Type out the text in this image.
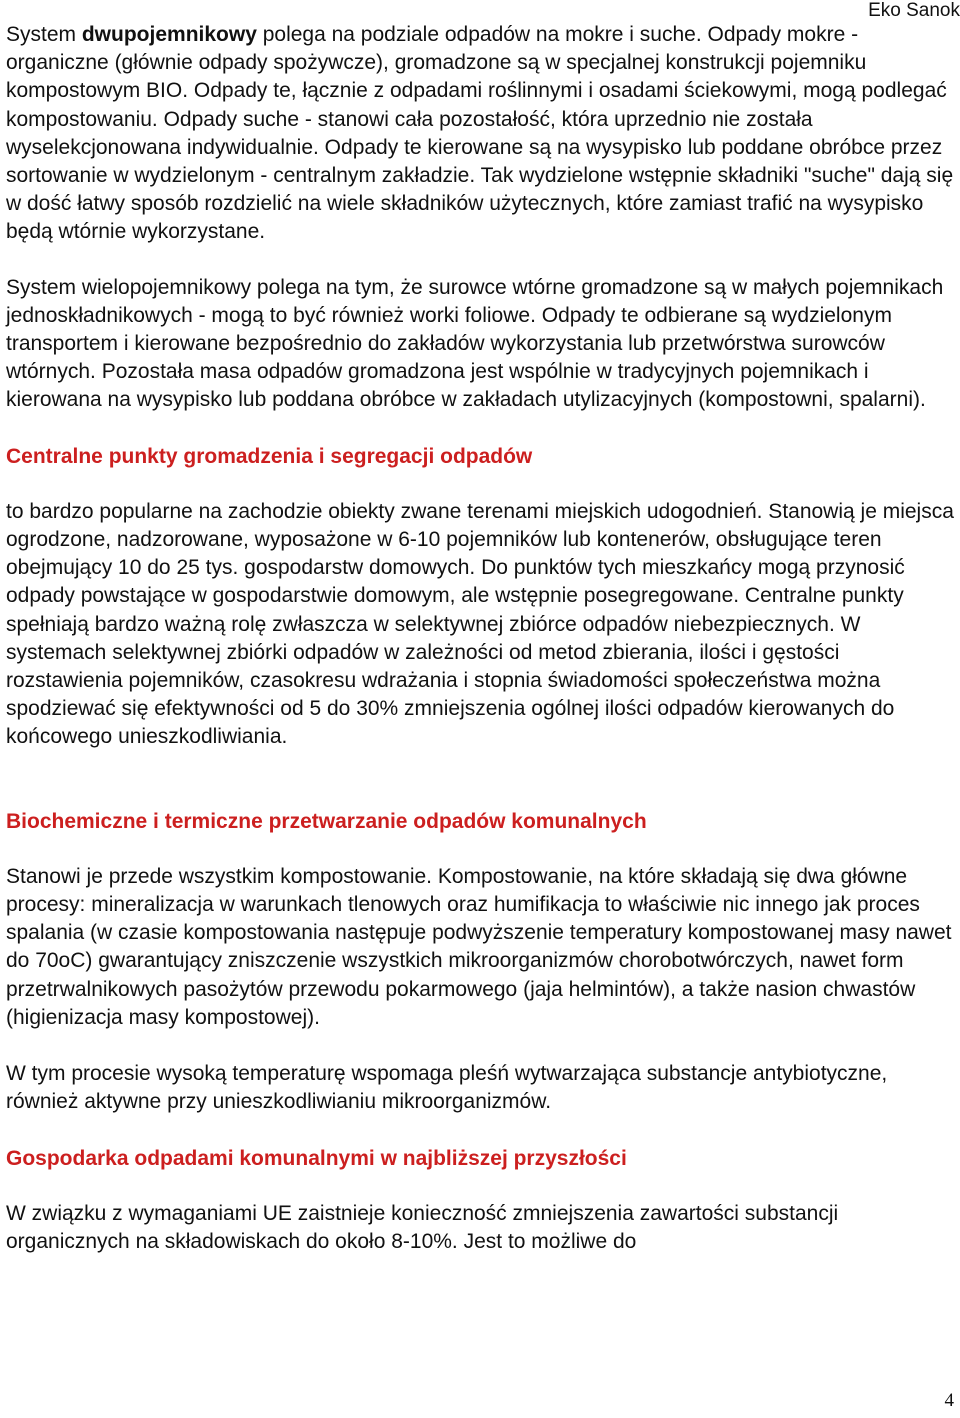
Eko Sanok

System dwupojemnikowy polega na podziale odpadów na mokre i suche. Odpady mokre - organiczne (głównie odpady spożywcze), gromadzone są w specjalnej konstrukcji pojemniku kompostowym BIO. Odpady te, łącznie z odpadami roślinnymi i osadami ściekowymi, mogą podlegać kompostowaniu. Odpady suche - stanowi cała pozostałość, która uprzednio nie została wyselekcjonowana indywidualnie. Odpady te kierowane są na wysypisko lub poddane obróbce przez sortowanie w wydzielonym - centralnym zakładzie. Tak wydzielone wstępnie składniki "suche" dają się w dość łatwy sposób rozdzielić na wiele składników użytecznych, które zamiast trafić na wysypisko będą wtórnie wykorzystane.

System wielopojemnikowy polega na tym, że surowce wtórne gromadzone są w małych pojemnikach jednoskładnikowych - mogą to być również worki foliowe. Odpady te odbierane są wydzielonym transportem i kierowane bezpośrednio do zakładów wykorzystania lub przetwórstwa surowców wtórnych. Pozostała masa odpadów gromadzona jest wspólnie w tradycyjnych pojemnikach i kierowana na wysypisko lub poddana obróbce w zakładach utylizacyjnych (kompostowni, spalarni).

Centralne punkty gromadzenia i segregacji odpadów

to bardzo popularne na zachodzie obiekty zwane terenami miejskich udogodnień. Stanowią je miejsca ogrodzone, nadzorowane, wyposażone w 6-10 pojemników lub kontenerów, obsługujące teren obejmujący 10 do 25 tys. gospodarstw domowych. Do punktów tych mieszkańcy mogą przynosić odpady powstające w gospodarstwie domowym, ale wstępnie posegregowane. Centralne punkty spełniają bardzo ważną rolę zwłaszcza w selektywnej zbiórce odpadów niebezpiecznych. W systemach selektywnej zbiórki odpadów w zależności od metod zbierania, ilości i gęstości rozstawienia pojemników, czasokresu wdrażania i stopnia świadomości społeczeństwa można spodziewać się efektywności od 5 do 30% zmniejszenia ogólnej ilości odpadów kierowanych do końcowego unieszkodliwiania.

Biochemiczne i termiczne przetwarzanie odpadów komunalnych

Stanowi je przede wszystkim kompostowanie. Kompostowanie, na które składają się dwa główne procesy: mineralizacja w warunkach tlenowych oraz humifikacja to właściwie nic innego jak proces spalania (w czasie kompostowania następuje podwyższenie temperatury kompostowanej masy nawet do 70oC) gwarantujący zniszczenie wszystkich mikroorganizmów chorobotwórczych, nawet form przetrwalnikowych pasożytów przewodu pokarmowego (jaja helmintów), a także nasion chwastów (higienizacja masy kompostowej).

W tym procesie wysoką temperaturę wspomaga pleśń wytwarzająca substancje antybiotyczne, również aktywne przy unieszkodliwianiu mikroorganizmów.

Gospodarka odpadami komunalnymi w najbliższej przyszłości

W związku z wymaganiami UE zaistnieje konieczność zmniejszenia zawartości substancji organicznych na składowiskach do około 8-10%. Jest to możliwe do

4
